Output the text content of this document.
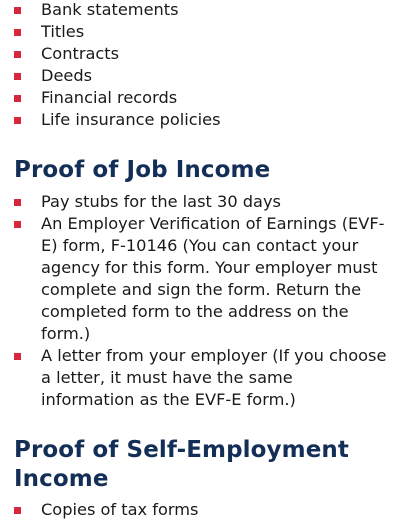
Bank statements
Titles
Contracts
Deeds
Financial records
Life insurance policies
Proof of Job Income
Pay stubs for the last 30 days
An Employer Verification of Earnings (EVF-E) form, F-10146 (You can contact your agency for this form. Your employer must complete and sign the form. Return the completed form to the address on the form.)
A letter from your employer (If you choose a letter, it must have the same information as the EVF-E form.)
Proof of Self-Employment Income
Copies of tax forms
